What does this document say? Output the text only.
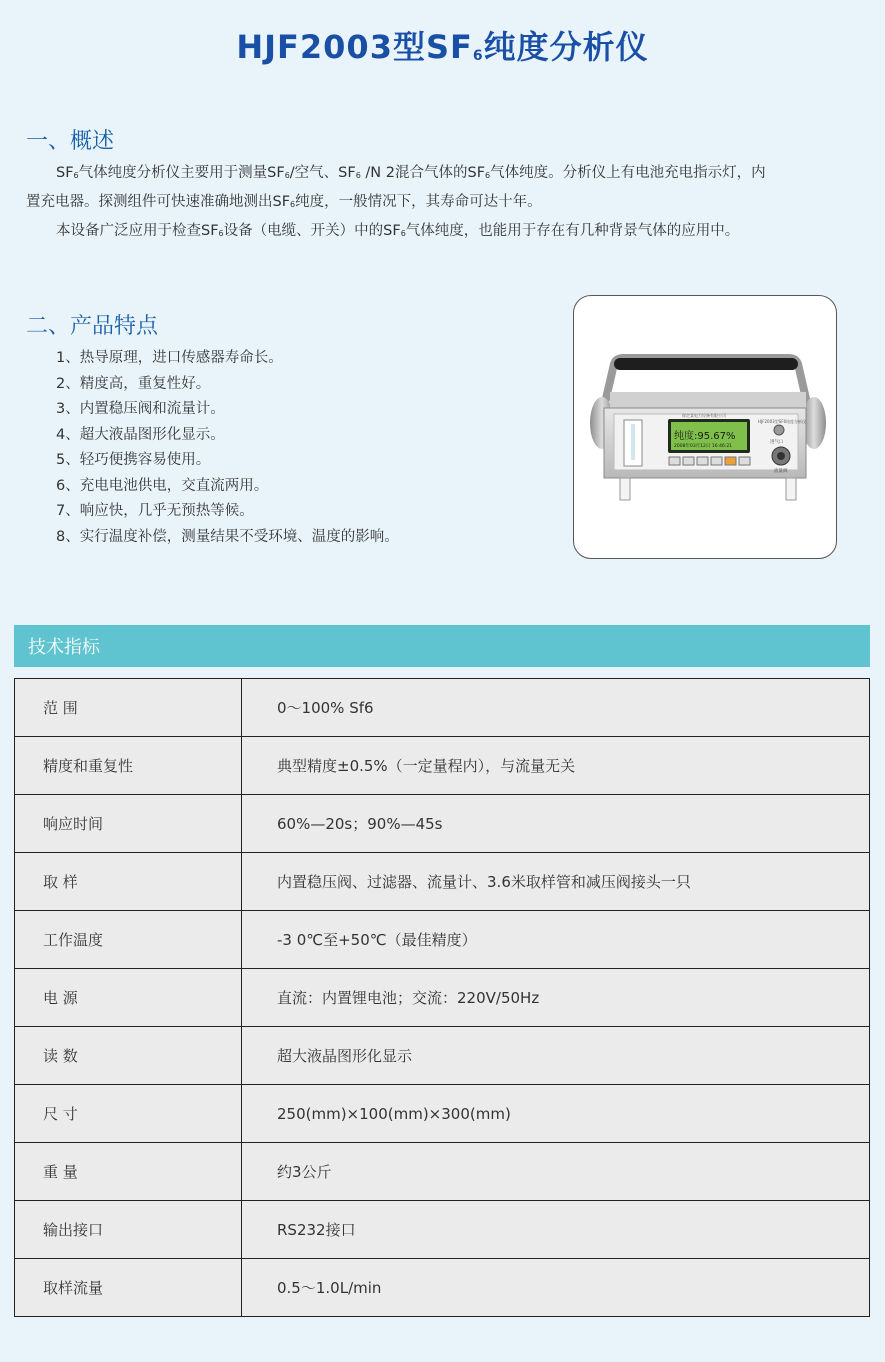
HJF2003型$SF_6$纯度分析仪
一、概述

SF6气体纯度分析仪主要用于测量SF6/空气、SF6 /N 2混合气体的SF6气体纯度。分析仪上有电池充电指示灯，内

置充电器。探测组件可快速准确地测出SF6纯度，一般情况下，其寿命可达十年。

本设备广泛应用于检查SF6设备（电缆、开关）中的SF6气体纯度，也能用于存在有几种背景气体的应用中。

二、产品特点
1、热导原理，进口传感器寿命长。
2、精度高，重复性好。
3、内置稳压阀和流量计。
4、超大液晶图形化显示。
5、轻巧便携容易使用。
6、充电电池供电，交直流两用。
7、响应快，几乎无预热等候。
8、实行温度补偿，测量结果不受环境、温度的影响。
纯度:95.67%
2008年03月12日 16:46:21
保定某电力设备有限公司
HJF2003型SF6纯度分析仪
进气口
流量阀
技术指标
范 围	0～100% Sf6
精度和重复性	典型精度±0.5%（一定量程内），与流量无关
响应时间	60%—20s；90%—45s
取 样	内置稳压阀、过滤器、流量计、3.6米取样管和减压阀接头一只
工作温度	-3 0℃至+50℃（最佳精度）
电 源	直流：内置锂电池；交流：220V/50Hz
读 数	超大液晶图形化显示
尺 寸	250(mm)×100(mm)×300(mm)
重 量	约3公斤
输出接口	RS232接口
取样流量	0.5～1.0L/min
